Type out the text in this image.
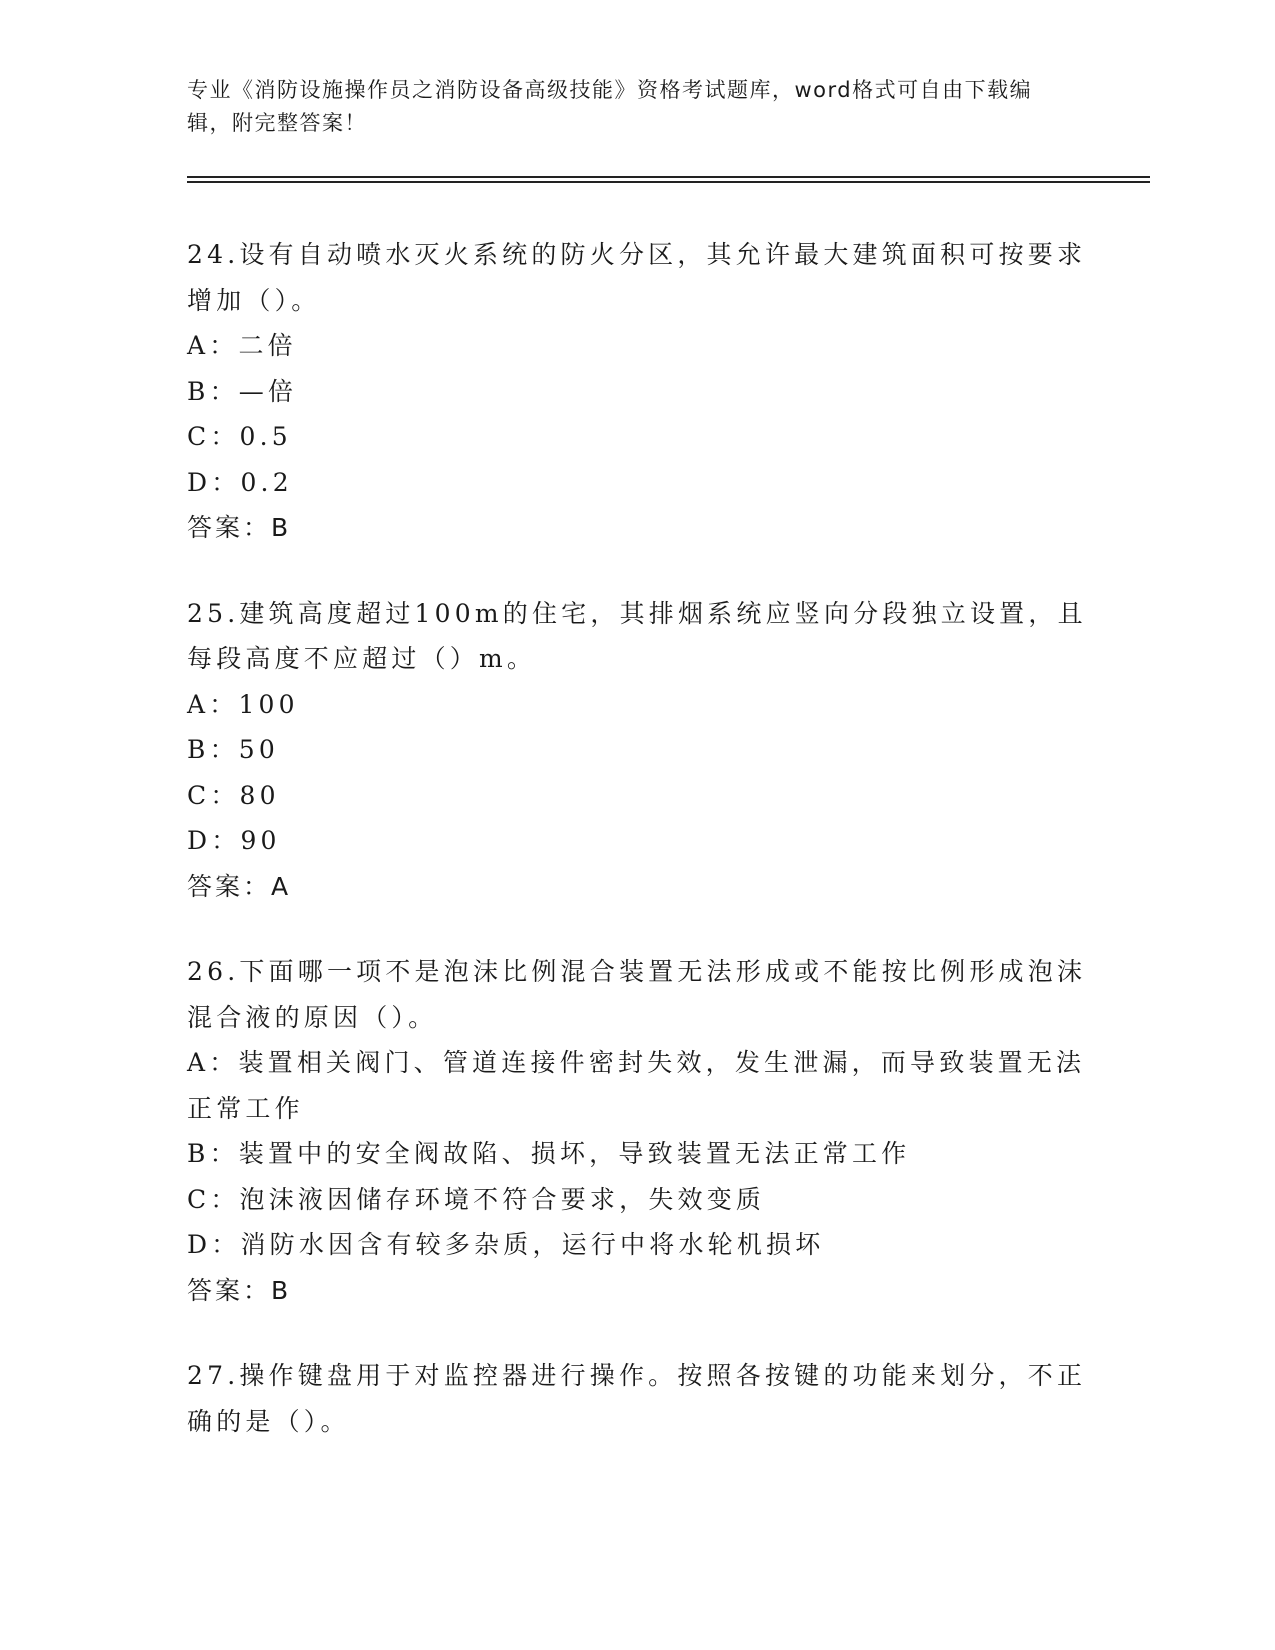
专业《消防设施操作员之消防设备高级技能》资格考试题库，word格式可自由下载编辑，附完整答案！

24.设有自动喷水灭火系统的防火分区，其允许最大建筑面积可按要求增加（）。

A：二倍

B：—倍

C：0.5

D：0.2

答案：B

25.建筑高度超过100m的住宅，其排烟系统应竖向分段独立设置，且每段高度不应超过（）m。

A：100

B：50

C：80

D：90

答案：A

26.下面哪一项不是泡沫比例混合装置无法形成或不能按比例形成泡沫混合液的原因（）。

A：装置相关阀门、管道连接件密封失效，发生泄漏，而导致装置无法正常工作

B：装置中的安全阀故陷、损坏，导致装置无法正常工作

C：泡沫液因储存环境不符合要求，失效变质

D：消防水因含有较多杂质，运行中将水轮机损坏

答案：B

27.操作键盘用于对监控器进行操作。按照各按键的功能来划分，不正确的是（）。
